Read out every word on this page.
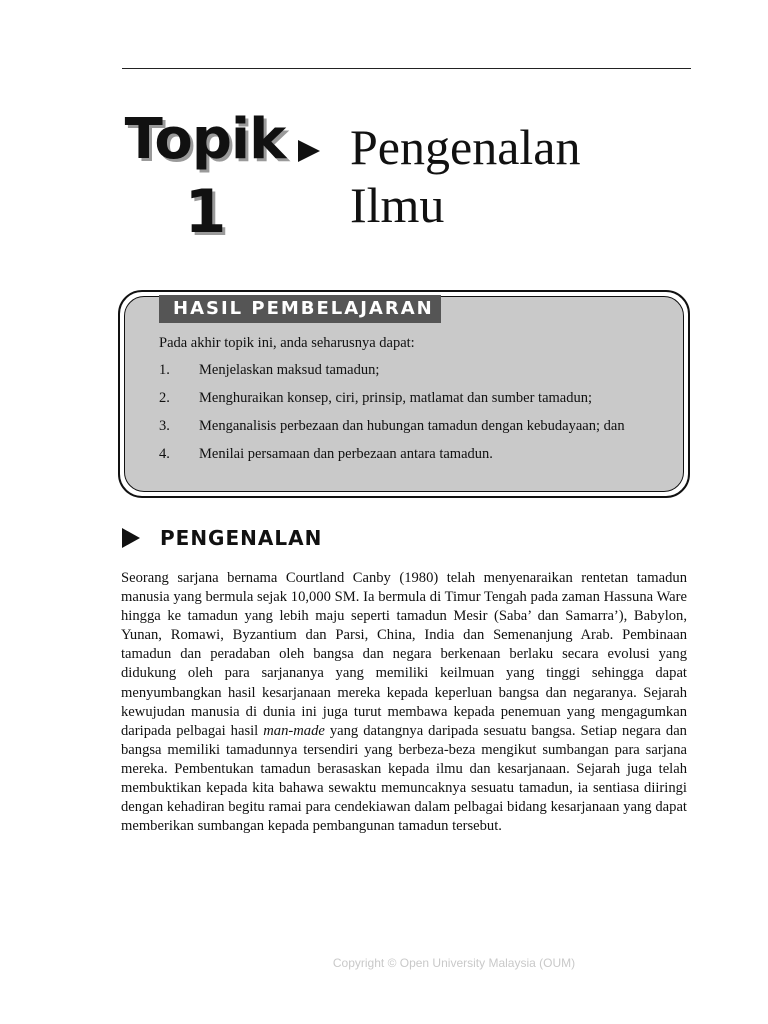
Topik
1
Pengenalan
Ilmu
HASIL PEMBELAJARAN
Pada akhir topik ini, anda seharusnya dapat:
1. Menjelaskan maksud tamadun;
2. Menghuraikan konsep, ciri, prinsip, matlamat dan sumber tamadun;
3. Menganalisis perbezaan dan hubungan tamadun dengan kebudayaan; dan
4. Menilai persamaan dan perbezaan antara tamadun.
PENGENALAN

Seorang sarjana bernama Courtland Canby (1980) telah menyenaraikan rentetan tamadun manusia yang bermula sejak 10,000 SM. Ia bermula di Timur Tengah pada zaman Hassuna Ware hingga ke tamadun yang lebih maju seperti tamadun Mesir (Saba’ dan Samarra’), Babylon, Yunan, Romawi, Byzantium dan Parsi, China, India dan Semenanjung Arab. Pembinaan tamadun dan peradaban oleh bangsa dan negara berkenaan berlaku secara evolusi yang didukung oleh para sarjananya yang memiliki keilmuan yang tinggi sehingga dapat menyumbangkan hasil kesarjanaan mereka kepada keperluan bangsa dan negaranya. Sejarah kewujudan manusia di dunia ini juga turut membawa kepada penemuan yang mengagumkan daripada pelbagai hasil man-made yang datangnya daripada sesuatu bangsa. Setiap negara dan bangsa memiliki tamadunnya tersendiri yang berbeza-beza mengikut sumbangan para sarjana mereka. Pembentukan tamadun berasaskan kepada ilmu dan kesarjanaan. Sejarah juga telah membuktikan kepada kita bahawa sewaktu memuncaknya sesuatu tamadun, ia sentiasa diiringi dengan kehadiran begitu ramai para cendekiawan dalam pelbagai bidang kesarjanaan yang dapat memberikan sumbangan kepada pembangunan tamadun tersebut.

Copyright © Open University Malaysia (OUM)
